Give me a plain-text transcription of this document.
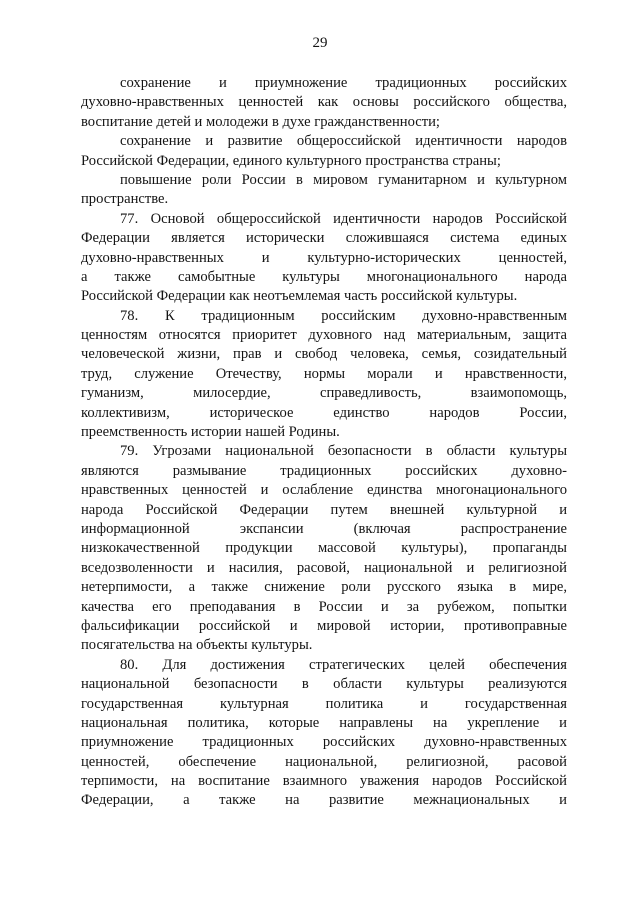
29
сохранение и приумножение традиционных российских
духовно-нравственных ценностей как основы российского общества,
воспитание детей и молодежи в духе гражданственности;
сохранение и развитие общероссийской идентичности народов
Российской Федерации, единого культурного пространства страны;
повышение роли России в мировом гуманитарном и культурном
пространстве.
77. Основой общероссийской идентичности народов Российской
Федерации является исторически сложившаяся система единых
духовно-нравственных и культурно-исторических ценностей,
а также самобытные культуры многонационального народа
Российской Федерации как неотъемлемая часть российской культуры.
78. К традиционным российским духовно-нравственным
ценностям относятся приоритет духовного над материальным, защита
человеческой жизни, прав и свобод человека, семья, созидательный
труд, служение Отечеству, нормы морали и нравственности,
гуманизм, милосердие, справедливость, взаимопомощь,
коллективизм, историческое единство народов России,
преемственность истории нашей Родины.
79. Угрозами национальной безопасности в области культуры
являются размывание традиционных российских духовно-
нравственных ценностей и ослабление единства многонационального
народа Российской Федерации путем внешней культурной и
информационной экспансии (включая распространение
низкокачественной продукции массовой культуры), пропаганды
вседозволенности и насилия, расовой, национальной и религиозной
нетерпимости, а также снижение роли русского языка в мире,
качества его преподавания в России и за рубежом, попытки
фальсификации российской и мировой истории, противоправные
посягательства на объекты культуры.
80. Для достижения стратегических целей обеспечения
национальной безопасности в области культуры реализуются
государственная культурная политика и государственная
национальная политика, которые направлены на укрепление и
приумножение традиционных российских духовно-нравственных
ценностей, обеспечение национальной, религиозной, расовой
терпимости, на воспитание взаимного уважения народов Российской
Федерации, а также на развитие межнациональных и
